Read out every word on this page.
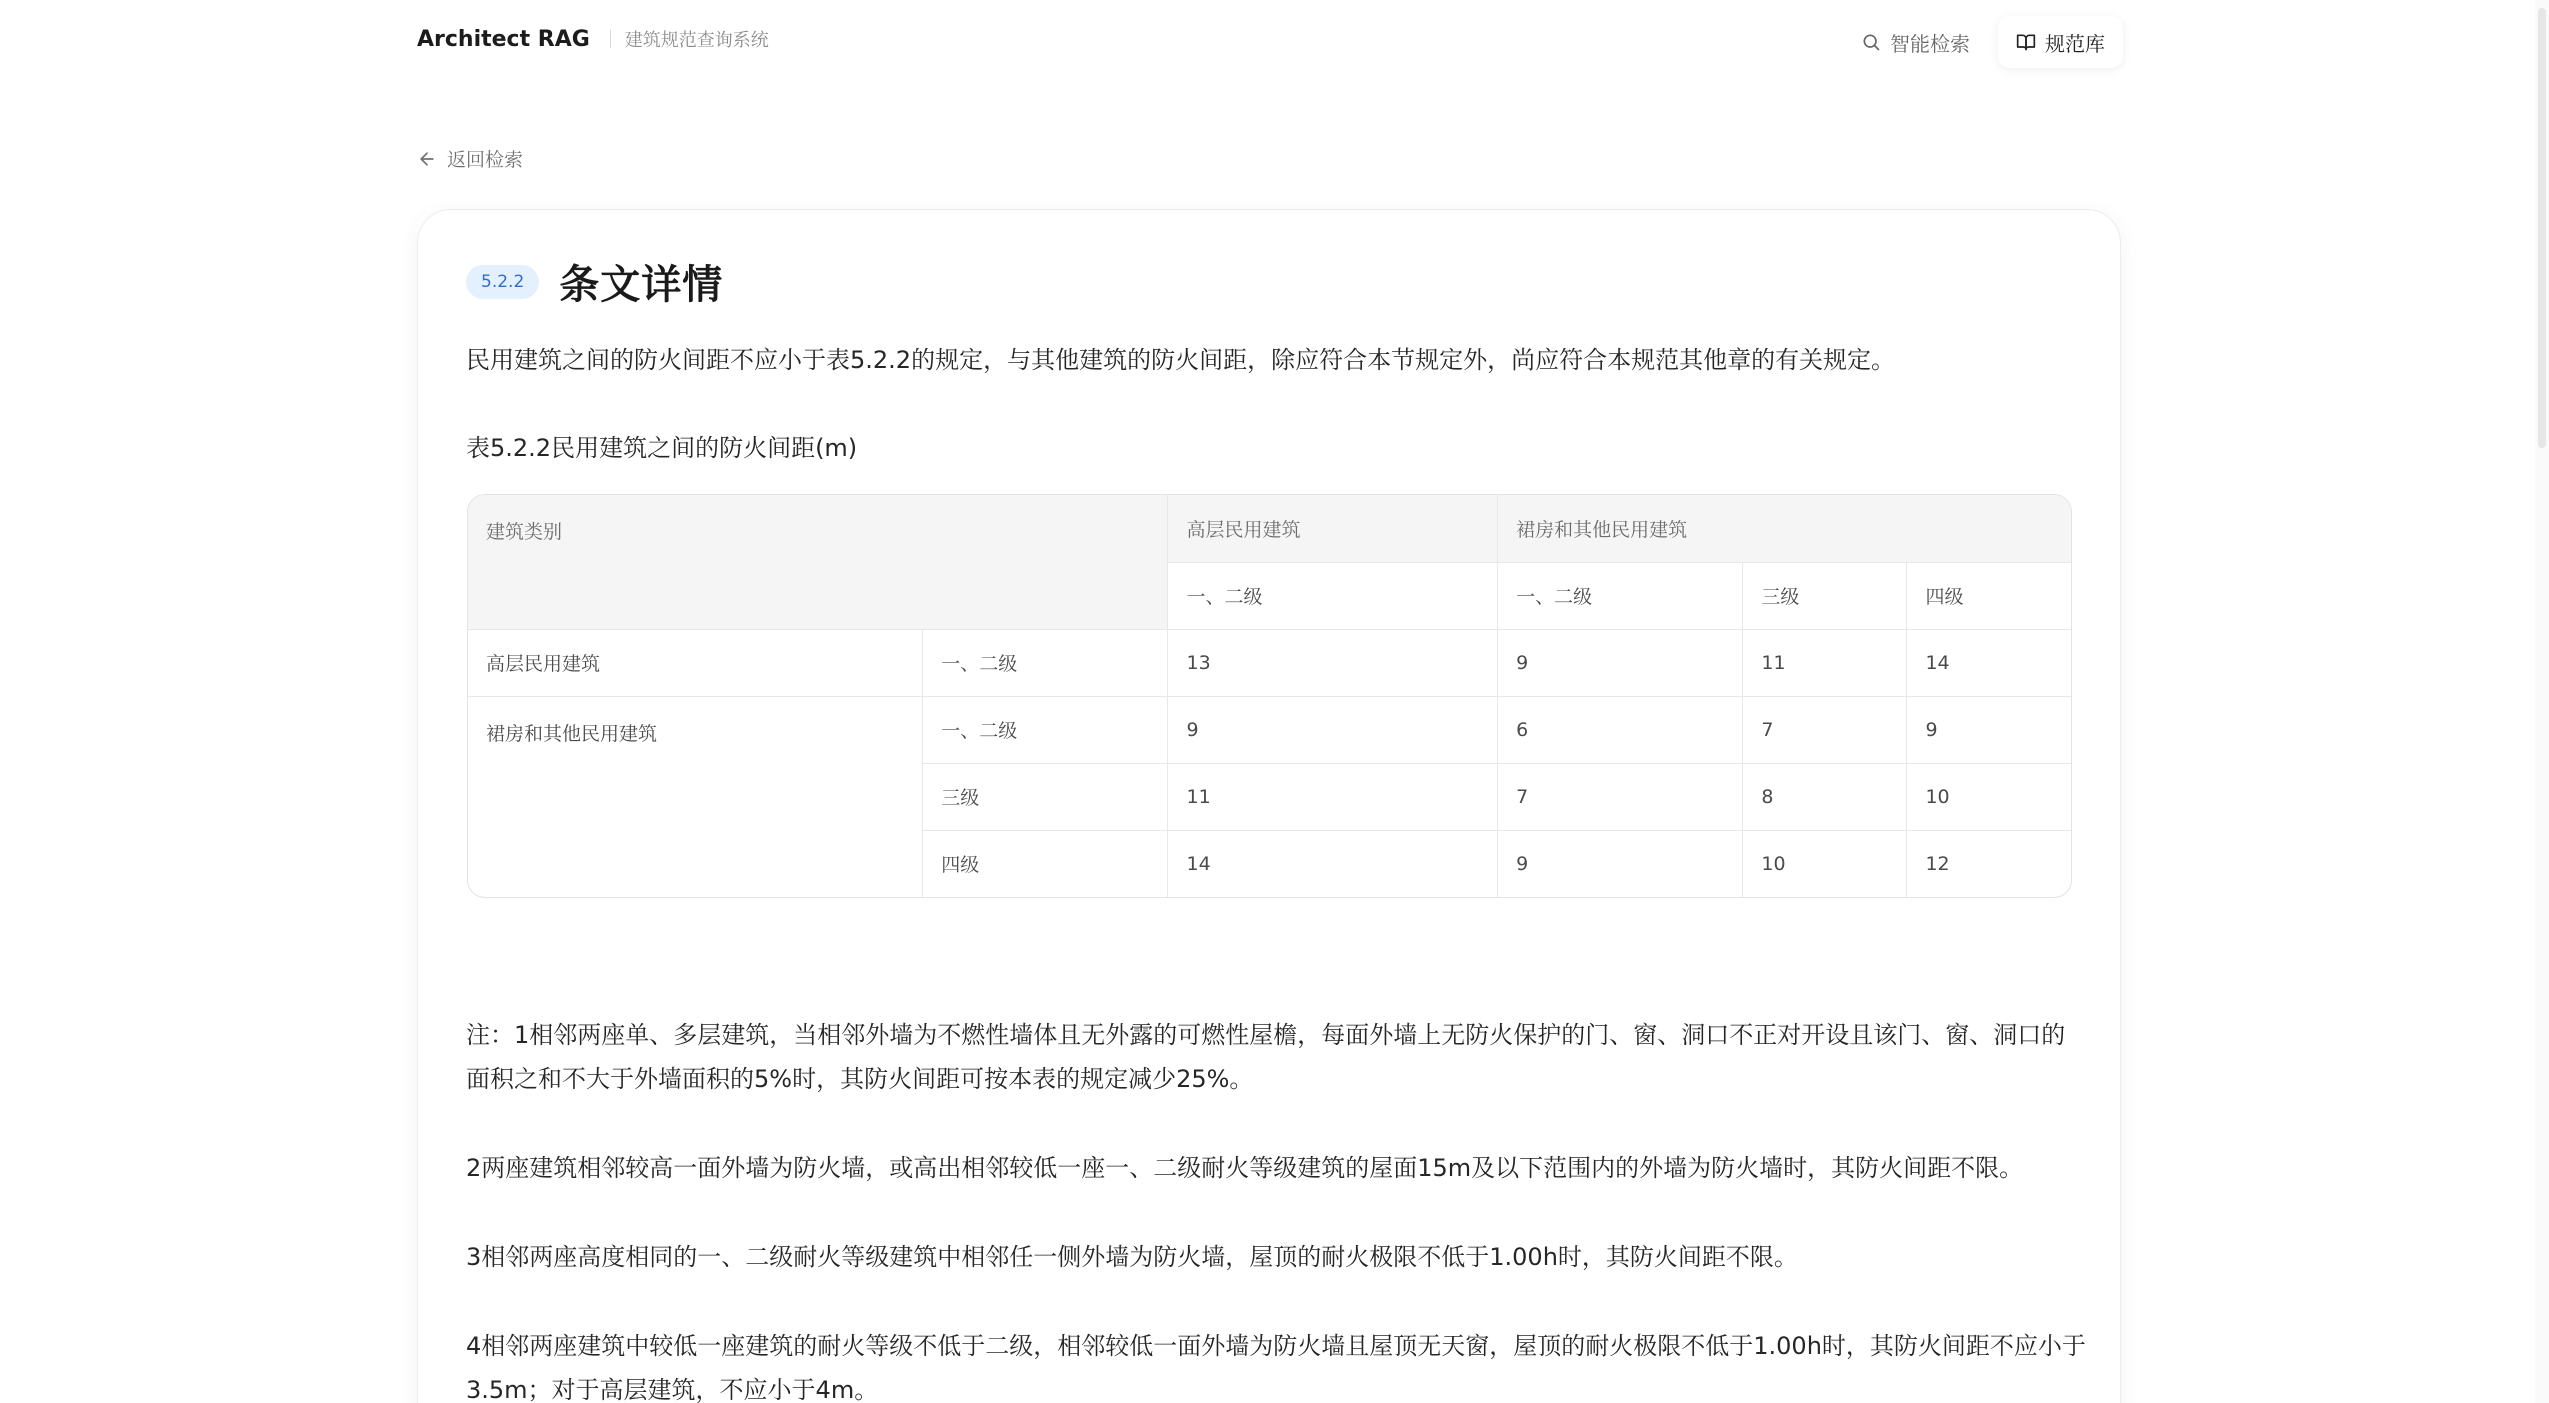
Architect RAG 建筑规范查询系统	智能检索	规范库
返回检索
5.2.2 条文详情

民用建筑之间的防火间距不应小于表5.2.2的规定，与其他建筑的防火间距，除应符合本节规定外，尚应符合本规范其他章的有关规定。

表5.2.2民用建筑之间的防火间距(m)

建筑类别		高层民用建筑	裙房和其他民用建筑		
		一、二级	一、二级	三级	四级
高层民用建筑	一、二级	13	9	11	14
裙房和其他民用建筑	一、二级	9	6	7	9
	三级	11	7	8	10
	四级	14	9	10	12

注：1相邻两座单、多层建筑，当相邻外墙为不燃性墙体且无外露的可燃性屋檐，每面外墙上无防火保护的门、窗、洞口不正对开设且该门、窗、洞口的面积之和不大于外墙面积的5%时，其防火间距可按本表的规定减少25%。

2两座建筑相邻较高一面外墙为防火墙，或高出相邻较低一座一、二级耐火等级建筑的屋面15m及以下范围内的外墙为防火墙时，其防火间距不限。

3相邻两座高度相同的一、二级耐火等级建筑中相邻任一侧外墙为防火墙，屋顶的耐火极限不低于1.00h时，其防火间距不限。

4相邻两座建筑中较低一座建筑的耐火等级不低于二级，相邻较低一面外墙为防火墙且屋顶无天窗，屋顶的耐火极限不低于1.00h时，其防火间距不应小于3.5m；对于高层建筑，不应小于4m。
